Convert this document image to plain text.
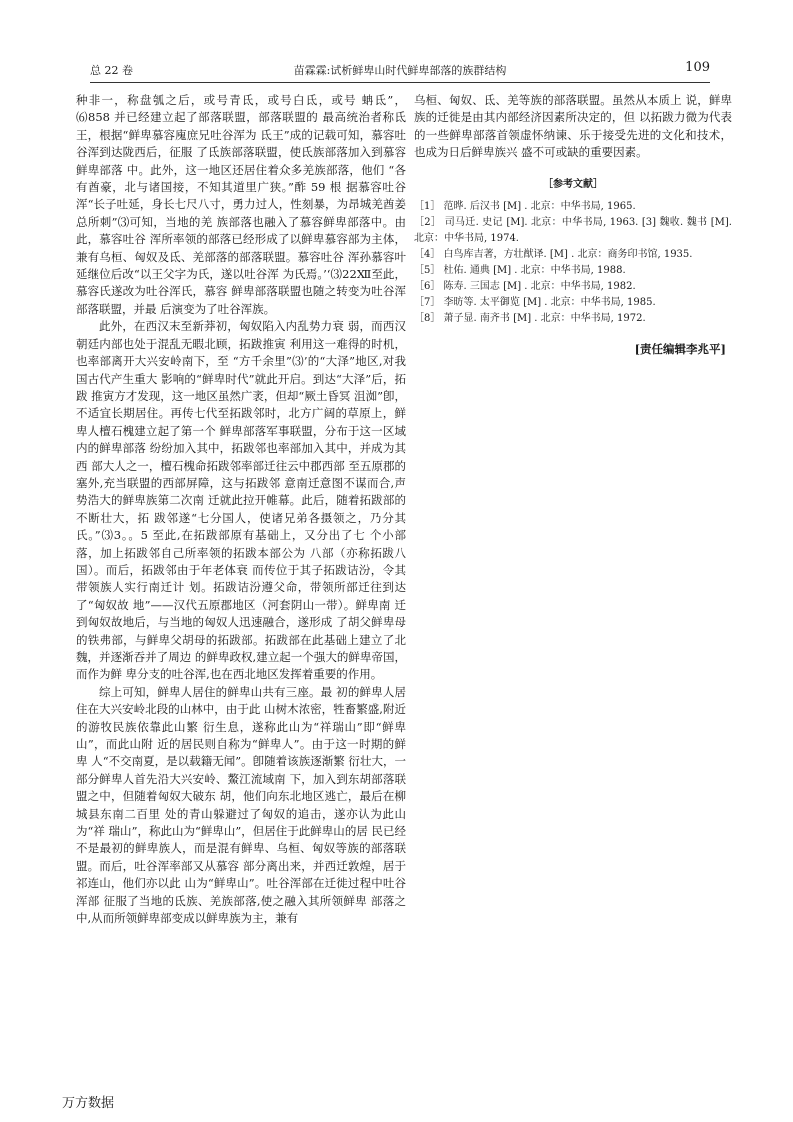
总 22 卷	苗霖霖:试析鲜卑山时代鲜卑部落的族群结构	109

种非一，称盘瓠之后，或号青氐，或号白氐，或号 蚺氐”，⑹858 并已经建立起了部落联盟，部落联盟的 最高统治者称氐王，根据“鲜卑慕容廆庶兄吐谷浑为 氐王”成的记载可知，慕容吐谷浑到达陇西后，征服 了氐族部落联盟，使氐族部落加入到慕容鲜卑部落 中。此外，这一地区还居住着众多羌族部落，他们 “各有酋豪，北与诸国接，不知其道里广狭。”酢 59 根 据慕容吐谷浑“长子吐延，身长七尺八寸，勇力过人，性刻暴，为昂城羌酋姜总所刺”⑶可知，当地的羌 族部落也融入了慕容鲜卑部落中。由此，慕容吐谷 浑所率领的部落已经形成了以鲜卑慕容部为主体，兼有乌桓、匈奴及氐、羌部落的部落联盟。慕容吐谷 浑孙慕容叶延继位后改“以王父字为氏，遂以吐谷浑 为氏焉。’‘⑶22Ⅻ至此，慕容氏遂改为吐谷浑氏，慕容 鲜卑部落联盟也随之转变为吐谷浑部落联盟，并最 后演变为了吐谷浑族。

此外，在西汉末至新莽初，匈奴陷入内乱势力衰 弱，而西汉朝廷内部也处于混乱无暇北顾，拓跋推寅 利用这一难得的时机，也率部离开大兴安岭南下，至 “方千余里”⑶’的“大泽”地区,对我国古代产生重大 影响的“鲜卑时代”就此开启。到达“大泽”后，拓跋 推寅方才发现，这一地区虽然广袤，但却“厥土昏冥 沮洳”卽，不适宜长期居住。再传七代至拓跋邻时，北方广阔的草原上，鲜卑人檀石槐建立起了第一个 鲜卑部落军事联盟，分布于这一区域内的鲜卑部落 纷纷加入其中，拓跋邻也率部加入其中，并成为其西 部大人之一，檀石槐命拓跋邻率部迁往云中郡西部 至五原郡的塞外,充当联盟的西部屏障，这与拓跋邻 意南迁意图不谋而合,声势浩大的鲜卑族第二次南 迁就此拉开帷幕。此后，随着拓跋部的不断壮大，拓 跋邻遂“七分国人，使诸兄弟各摄领之，乃分其氏。”⑶3。。5 至此,在拓跋部原有基础上，又分出了七 个小部落，加上拓跋邻自己所率领的拓跋本部公为 八部（亦称拓跋八国）。而后，拓跋邻由于年老体衰 而传位于其子拓跋诘汾，令其带领族人实行南迁计 划。拓跋诘汾遵父命，带领所部迁往到达了“匈奴故 地”——汉代五原郡地区（河套阴山一带）。鲜卑南 迁到匈奴故地后，与当地的匈奴人迅速融合，遂形成 了胡父鲜卑母的铁弗部，与鲜卑父胡母的拓跋部。拓跋部在此基础上建立了北魏，并逐渐吞并了周边 的鲜卑政权,建立起一个强大的鲜卑帝国，而作为鲜 卑分支的吐谷浑,也在西北地区发挥着重要的作用。

综上可知，鲜卑人居住的鲜卑山共有三座。最 初的鲜卑人居住在大兴安岭北段的山林中，由于此 山树木浓密，牲畜繁盛,附近的游牧民族依靠此山繁 衍生息，遂称此山为“祥瑞山”即“鲜卑山”，而此山附 近的居民则自称为“鲜卑人”。由于这一时期的鲜卑 人“不交南夏，是以载籍无闻”。卽随着该族逐渐繁 衍壮大，一部分鲜卑人首先沿大兴安岭、鰲江流域南 下，加入到东胡部落联盟之中，但随着匈奴大破东 胡，他们向东北地区逃亡，最后在柳城县东南二百里 处的青山躲避过了匈奴的追击，遂亦认为此山为“祥 瑞山”，称此山为“鲜卑山”，但居住于此鲜卑山的居 民已经不是最初的鲜卑族人，而是混有鲜卑、乌桓、匈奴等族的部落联盟。而后，吐谷浑率部又从慕容 部分离出来，并西迁敦煌，居于祁连山，他们亦以此 山为“鲜卑山”。吐谷浑部在迁徙过程中吐谷浑部 征服了当地的氐族、羌族部落,使之融入其所领鲜卑 部落之中,从而所领鲜卑部变成以鲜卑族为主，兼有

乌桓、匈奴、氐、羌等族的部落联盟。虽然从本质上 说，鲜卑族的迁徙是由其内部经济因素所决定的，但 以拓跋力微为代表的一些鲜卑部落首领虚怀纳谏、乐于接受先进的文化和技术，也成为日后鲜卑族兴 盛不可或缺的重要因素。

［参考文献］
［1］ 范晔. 后汉书 [M] . 北京：中华书局, 1965.
［2］ 司马迁. 史记 [M]. 北京：中华书局, 1963. [3] 魏收. 魏书 [M]. 北京：中华书局, 1974.
［4］ 白鸟库吉著，方壮猷译. [M] . 北京：商务印书馆, 1935.
［5］ 杜佑. 通典 [M] . 北京：中华书局, 1988.
［6］ 陈寿. 三国志 [M] . 北京：中华书局, 1982.
［7］ 李昉等. 太平御览 [M] . 北京：中华书局, 1985.
［8］ 萧子显. 南齐书 [M] . 北京：中华书局, 1972.
[责任编辑李兆平]
万方数据
